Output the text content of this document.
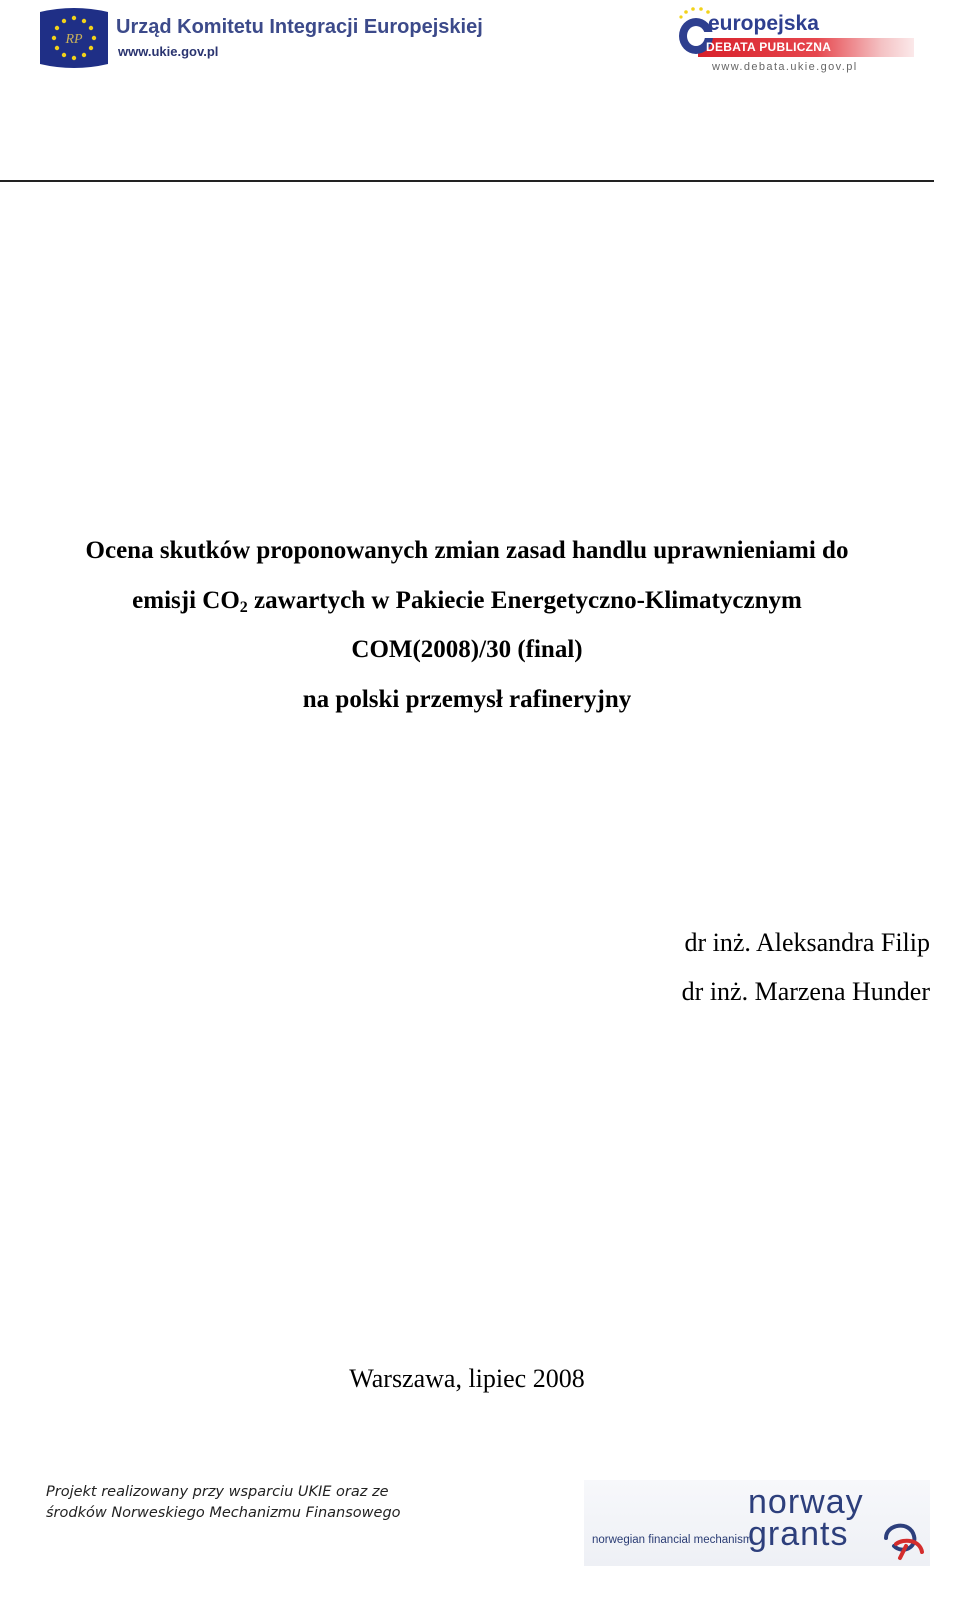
RP
Urząd Komitetu Integracji Europejskiej
www.ukie.gov.pl
europejska
DEBATA PUBLICZNA
www.debata.ukie.gov.pl
Ocena skutków proponowanych zmian zasad handlu uprawnieniami do
emisji $CO_2$ zawartych w Pakiecie Energetyczno-Klimatycznym
COM(2008)/30 (final)
na polski przemysł rafineryjny
dr inż. Aleksandra Filip
dr inż. Marzena Hunder
Warszawa, lipiec 2008
Projekt realizowany przy wsparciu UKIE oraz ze
środków Norweskiego Mechanizmu Finansowego
norwegian financial mechanism
norway
grants
